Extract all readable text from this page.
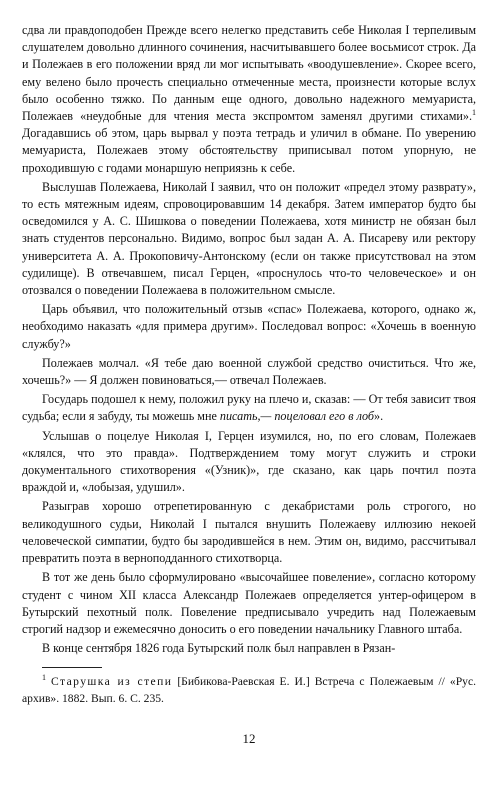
сдва ли правдоподобен Прежде всего нелегко представить себе Николая I терпеливым слушателем довольно длинного сочинения, насчитывавшего более восьмисот строк. Да и Полежаев в его положении вряд ли мог испытывать «воодушевление». Скорее всего, ему велено было прочесть специально отмеченные места, произнести которые вслух было особенно тяжко. По данным еще одного, довольно надежного мемуариста, Полежаев «неудобные для чтения места экспромтом заменял другими стихами».$^1$ Догадавшись об этом, царь вырвал у поэта тетрадь и уличил в обмане. По уверению мемуариста, Полежаев этому обстоятельству приписывал потом упорную, не проходившую с годами монаршую неприязнь к себе.

Выслушав Полежаева, Николай I заявил, что он положит «предел этому разврату», то есть мятежным идеям, спровоцировавшим 14 декабря. Затем император будто бы осведомился у А. С. Шишкова о поведении Полежаева, хотя министр не обязан был знать студентов персонально. Видимо, вопрос был задан А. А. Писареву или ректору университета А. А. Прокоповичу-Антонскому (если он также присутствовал на этом судилище). В отвечавшем, писал Герцен, «проснулось что-то человеческое» и он отозвался о поведении Полежаева в положительном смысле.

Царь объявил, что положительный отзыв «спас» Полежаева, которого, однако ж, необходимо наказать «для примера другим». Последовал вопрос: «Хочешь в военную службу?»

Полежаев молчал. «Я тебе даю военной службой средство очиститься. Что же, хочешь?» — Я должен повиноваться,— отвечал Полежаев.

Государь подошел к нему, положил руку на плечо и, сказав: — От тебя зависит твоя судьба; если я забуду, ты можешь мне писать,— поцеловал его в лоб».

Услышав о поцелуе Николая I, Герцен изумился, но, по его словам, Полежаев «клялся, что это правда». Подтверждением тому могут служить и строки документального стихотворения «(Узник)», где сказано, как царь почтил поэта враждой и, «лобызая, удушил».

Разыграв хорошо отрепетированную с декабристами роль строгого, но великодушного судьи, Николай I пытался внушить Полежаеву иллюзию некоей человеческой симпатии, будто бы зародившейся в нем. Этим он, видимо, рассчитывал превратить поэта в верноподданного стихотворца.

В тот же день было сформулировано «высочайшее повеление», согласно которому студент с чином XII класса Александр Полежаев определяется унтер-офицером в Бутырский пехотный полк. Повеление предписывало учредить над Полежаевым строгий надзор и ежемесячно доносить о его поведении начальнику Главного штаба.

В конце сентября 1826 года Бутырский полк был направлен в Рязан-

$^1$ Старушка из степи [Бибикова-Раевская Е. И.] Встреча с Полежаевым // «Рус. архив». 1882. Вып. 6. С. 235.

12
